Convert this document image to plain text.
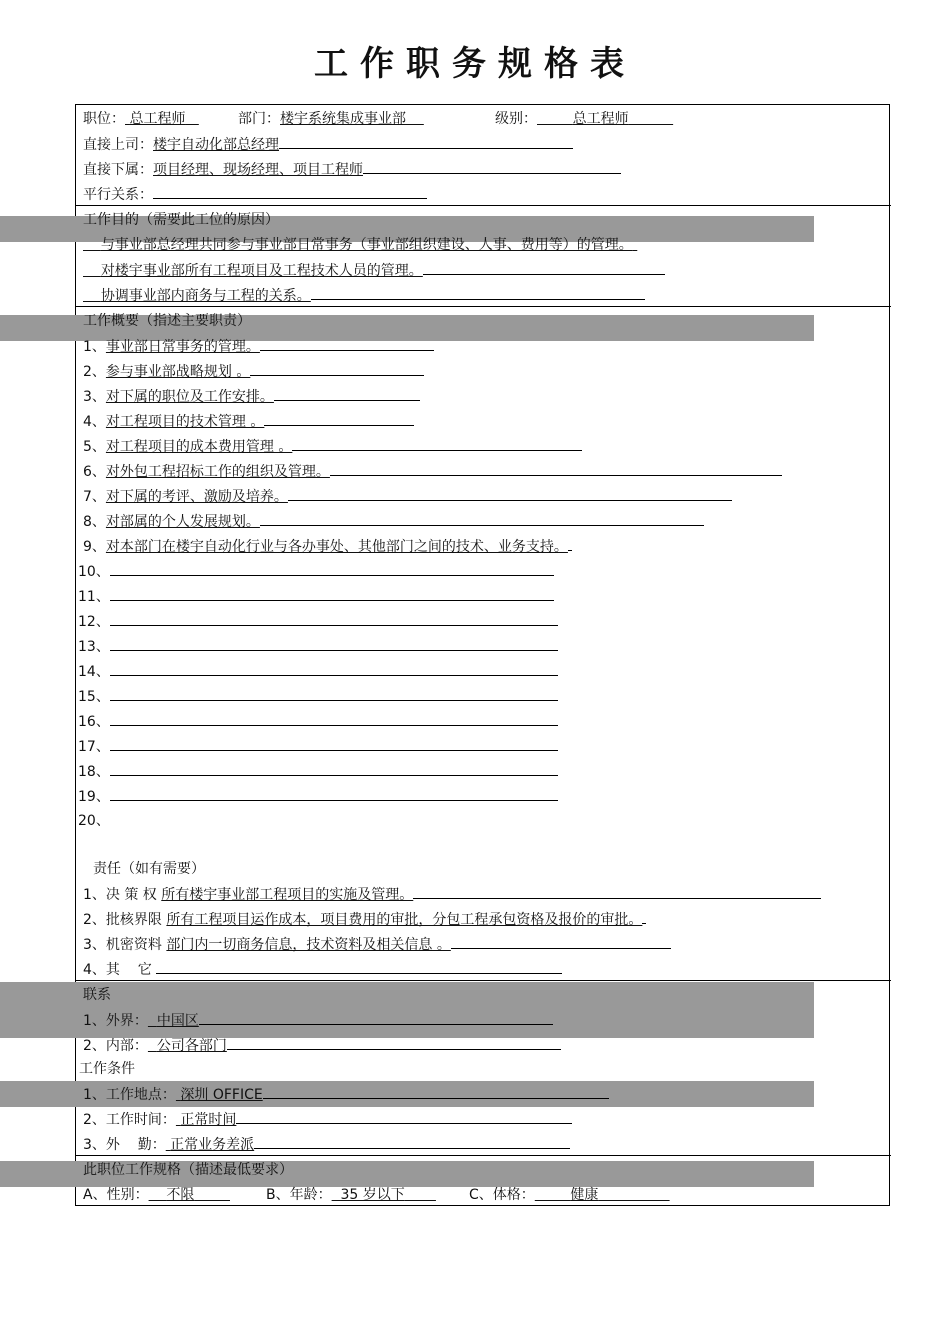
工作职务规格表
职位： 总工程师	部门：楼宇系统集成事业部	级别：	总工程师
直接上司：楼宇自动化部总经理
直接下属：项目经理、现场经理、项目工程师
平行关系：
工作目的（需要此工位的原因）
与事业部总经理共同参与事业部日常事务（事业部组织建设、人事、费用等）的管理。
对楼宇事业部所有工程项目及工程技术人员的管理。
协调事业部内商务与工程的关系。
工作概要（指述主要职责）
1、事业部日常事务的管理。
2、参与事业部战略规划 。
3、对下属的职位及工作安排。
4、对工程项目的技术管理 。
5、对工程项目的成本费用管理 。
6、对外包工程招标工作的组织及管理。
7、对下属的考评、激励及培养。
8、对部属的个人发展规划。
9、对本部门在楼宇自动化行业与各办事处、其他部门之间的技术、业务支持。
10、
11、
12、
13、
14、
15、
16、
17、
18、
19、
20、
责任（如有需要）
1、决 策 权 所有楼宇事业部工程项目的实施及管理。
2、批核界限 所有工程项目运作成本，项目费用的审批，分包工程承包资格及报价的审批。
3、机密资料 部门内一切商务信息，技术资料及相关信息 。
4、其    它
联系
1、外界： 中国区
2、内部： 公司各部门
工作条件
1、工作地点： 深圳 OFFICE
2、工作时间： 正常时间
3、外    勤： 正常业务差派
此职位工作规格（描述最低要求）
A、性别： 不限	B、年龄： 35 岁以下	C、体格：	健康
